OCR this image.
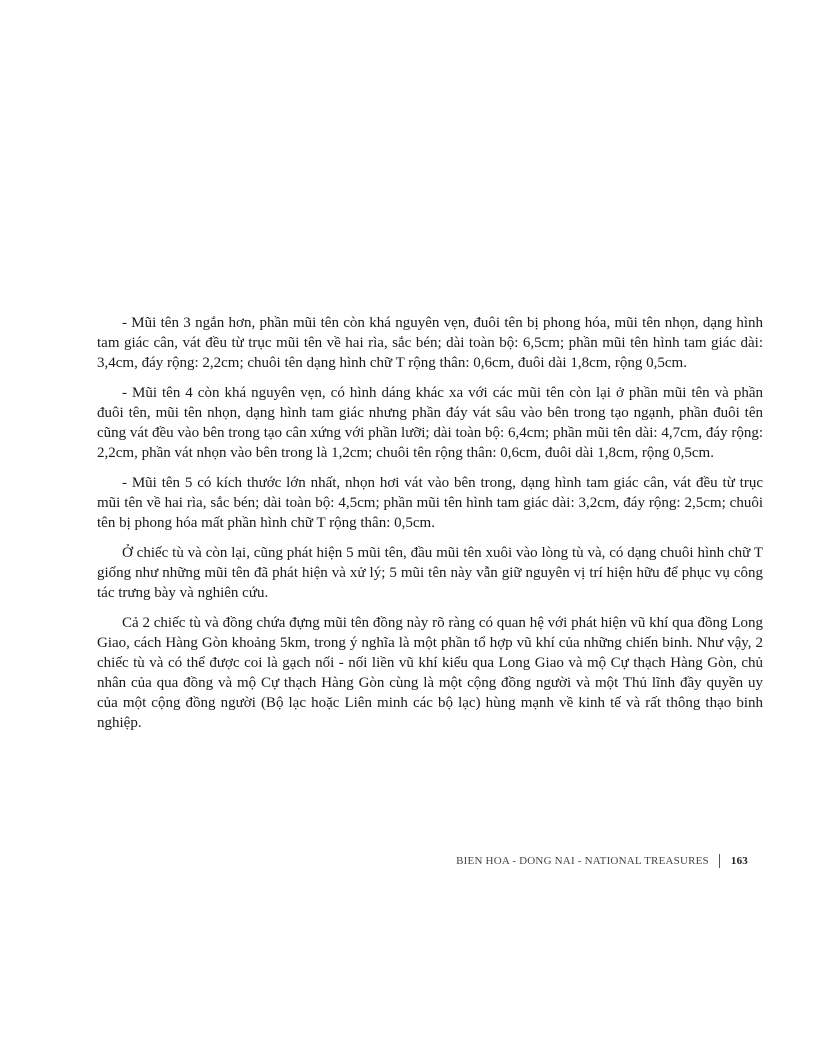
- Mũi tên 3 ngắn hơn, phần mũi tên còn khá nguyên vẹn, đuôi tên bị phong hóa, mũi tên nhọn, dạng hình tam giác cân, vát đều từ trục mũi tên về hai rìa, sắc bén; dài toàn bộ: 6,5cm; phần mũi tên hình tam giác dài: 3,4cm, đáy rộng: 2,2cm; chuôi tên dạng hình chữ T rộng thân: 0,6cm, đuôi dài 1,8cm, rộng 0,5cm.

- Mũi tên 4 còn khá nguyên vẹn, có hình dáng khác xa với các mũi tên còn lại ở phần mũi tên và phần đuôi tên, mũi tên nhọn, dạng hình tam giác nhưng phần đáy vát sâu vào bên trong tạo ngạnh, phần đuôi tên cũng vát đều vào bên trong tạo cân xứng với phần lưỡi; dài toàn bộ: 6,4cm; phần mũi tên dài: 4,7cm, đáy rộng: 2,2cm, phần vát nhọn vào bên trong là 1,2cm; chuôi tên rộng thân: 0,6cm, đuôi dài 1,8cm, rộng 0,5cm.

- Mũi tên 5 có kích thước lớn nhất, nhọn hơi vát vào bên trong, dạng hình tam giác cân, vát đều từ trục mũi tên về hai rìa, sắc bén; dài toàn bộ: 4,5cm; phần mũi tên hình tam giác dài: 3,2cm, đáy rộng: 2,5cm; chuôi tên bị phong hóa mất phần hình chữ T rộng thân: 0,5cm.

Ở chiếc tù và còn lại, cũng phát hiện 5 mũi tên, đầu mũi tên xuôi vào lòng tù và, có dạng chuôi hình chữ T giống như những mũi tên đã phát hiện và xử lý; 5 mũi tên này vẫn giữ nguyên vị trí hiện hữu để phục vụ công tác trưng bày và nghiên cứu.

Cả 2 chiếc tù và đồng chứa đựng mũi tên đồng này rõ ràng có quan hệ với phát hiện vũ khí qua đồng Long Giao, cách Hàng Gòn khoảng 5km, trong ý nghĩa là một phần tổ hợp vũ khí của những chiến binh. Như vậy, 2 chiếc tù và có thể được coi là gạch nối - nối liền vũ khí kiểu qua Long Giao và mộ Cự thạch Hàng Gòn, chủ nhân của qua đồng và mộ Cự thạch Hàng Gòn cùng là một cộng đồng người và một Thủ lĩnh đầy quyền uy của một cộng đồng người (Bộ lạc hoặc Liên minh các bộ lạc) hùng mạnh về kinh tế và rất thông thạo binh nghiệp.

BIEN HOA - DONG NAI - NATIONAL TREASURES 163
